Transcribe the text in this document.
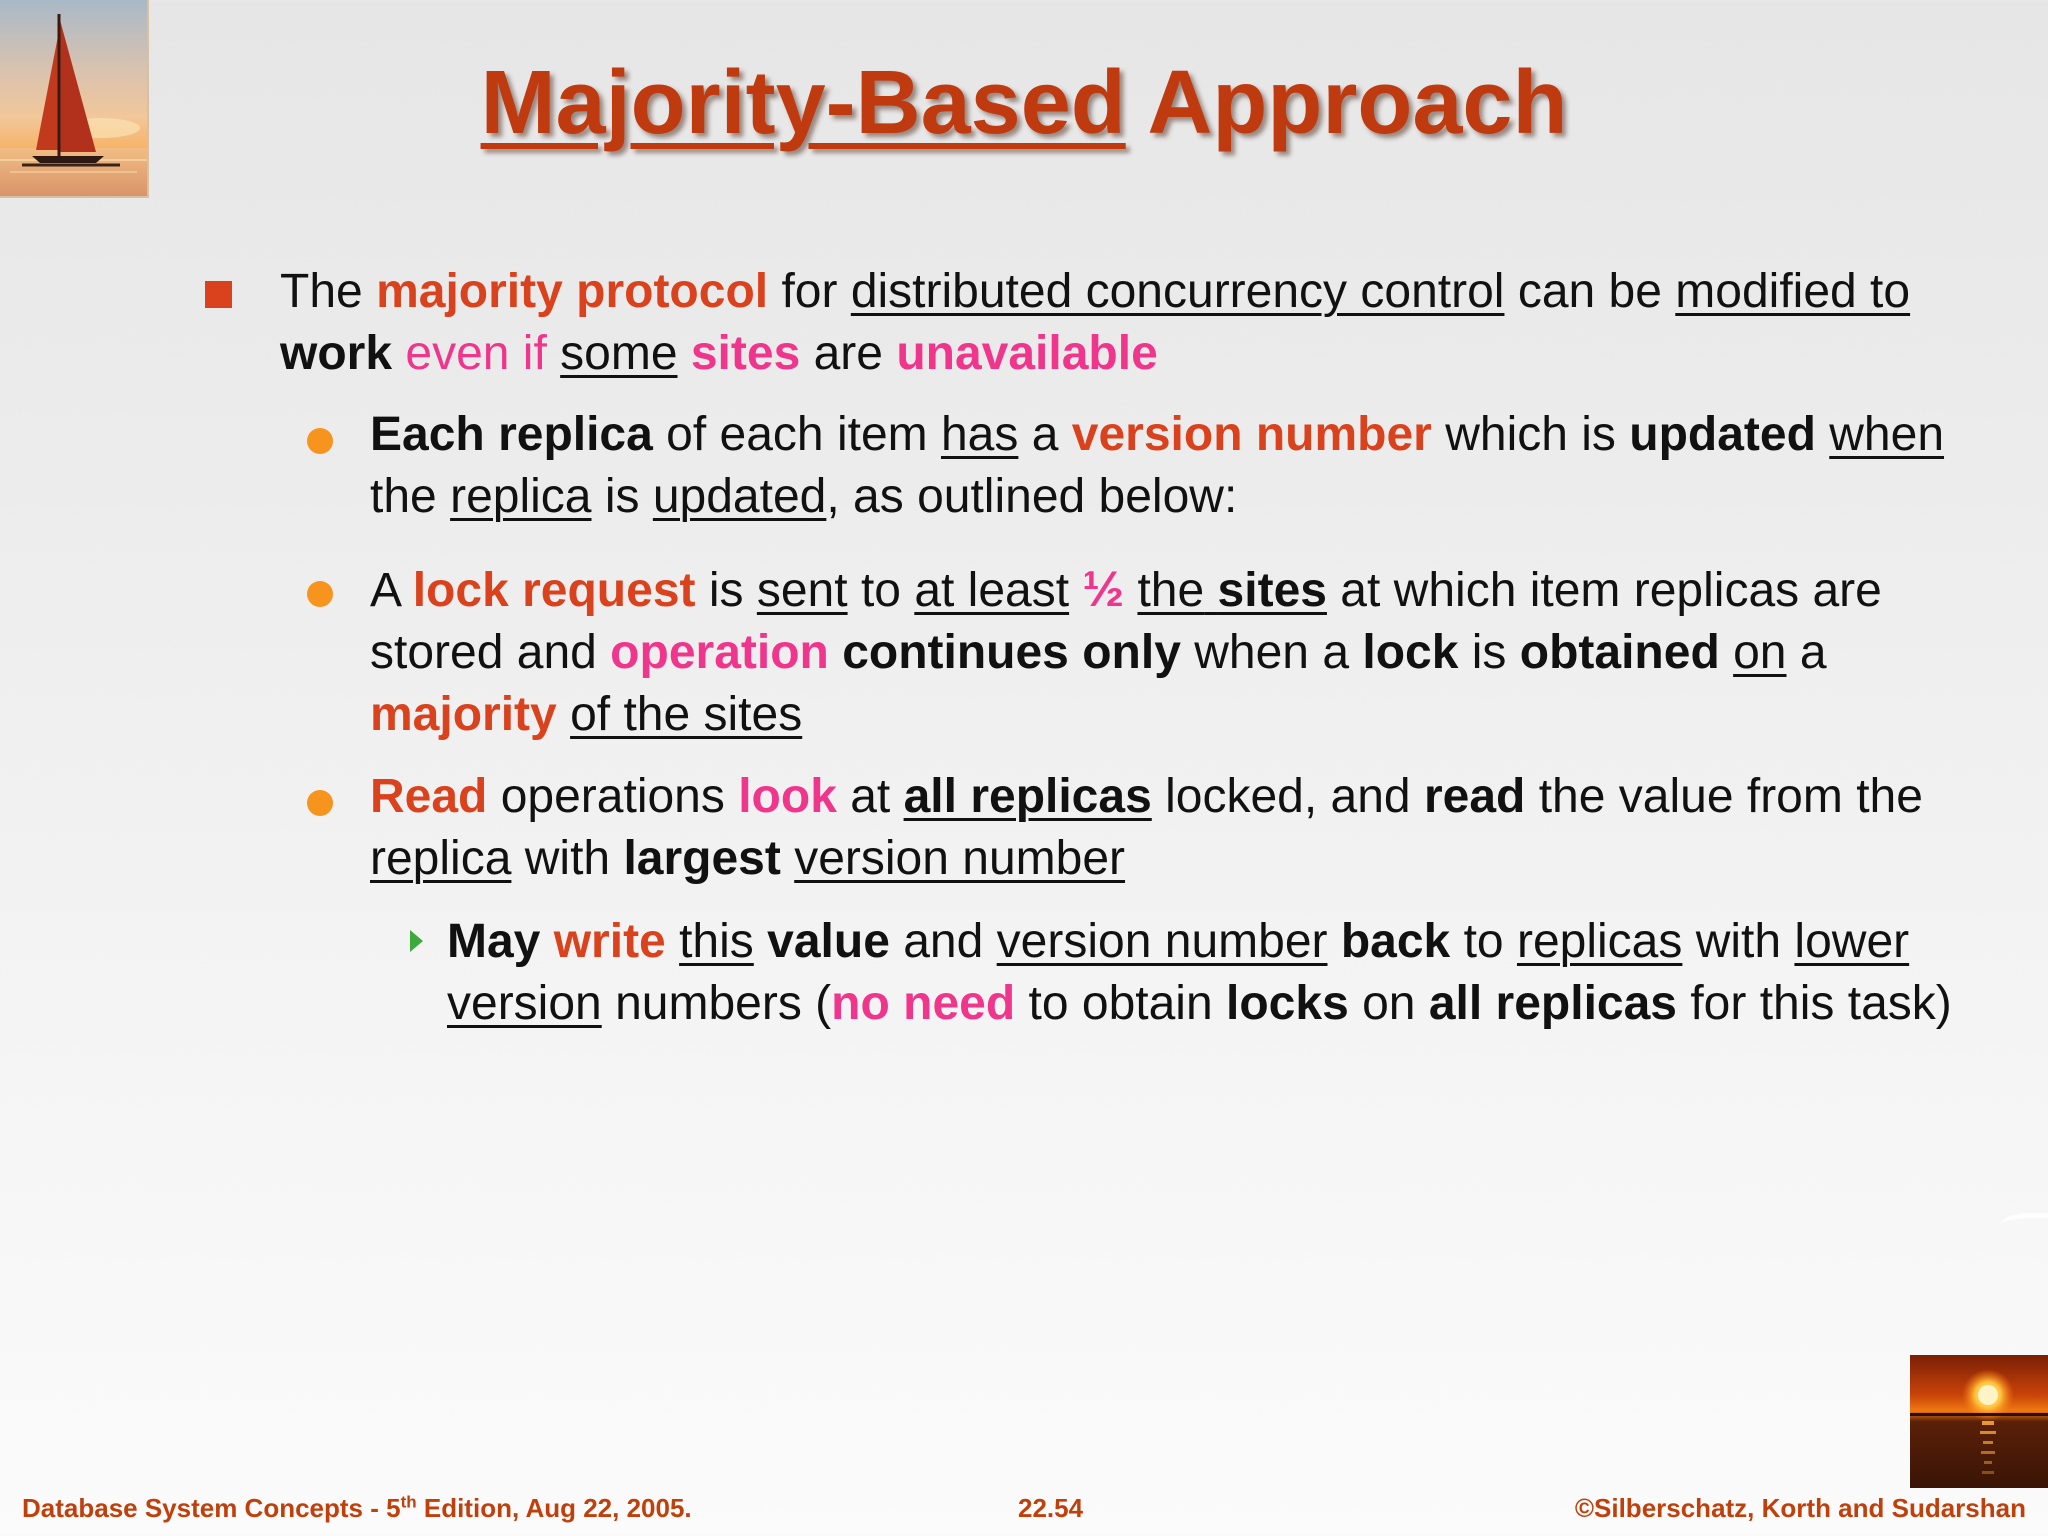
Majority-Based Approach
The majority protocol for distributed concurrency control can be modified to work even if some sites are unavailable
Each replica of each item has a version number which is updated when the replica is updated, as outlined below:
A lock request is sent to at least ½ the sites at which item replicas are stored and operation continues only when a lock is obtained on a majority of the sites
Read operations look at all replicas locked, and read the value from the replica with largest version number
May write this value and version number back to replicas with lower version numbers (no need to obtain locks on all replicas for this task)
Database System Concepts - 5th Edition, Aug 22, 2005.	22.54	©Silberschatz, Korth and Sudarshan
